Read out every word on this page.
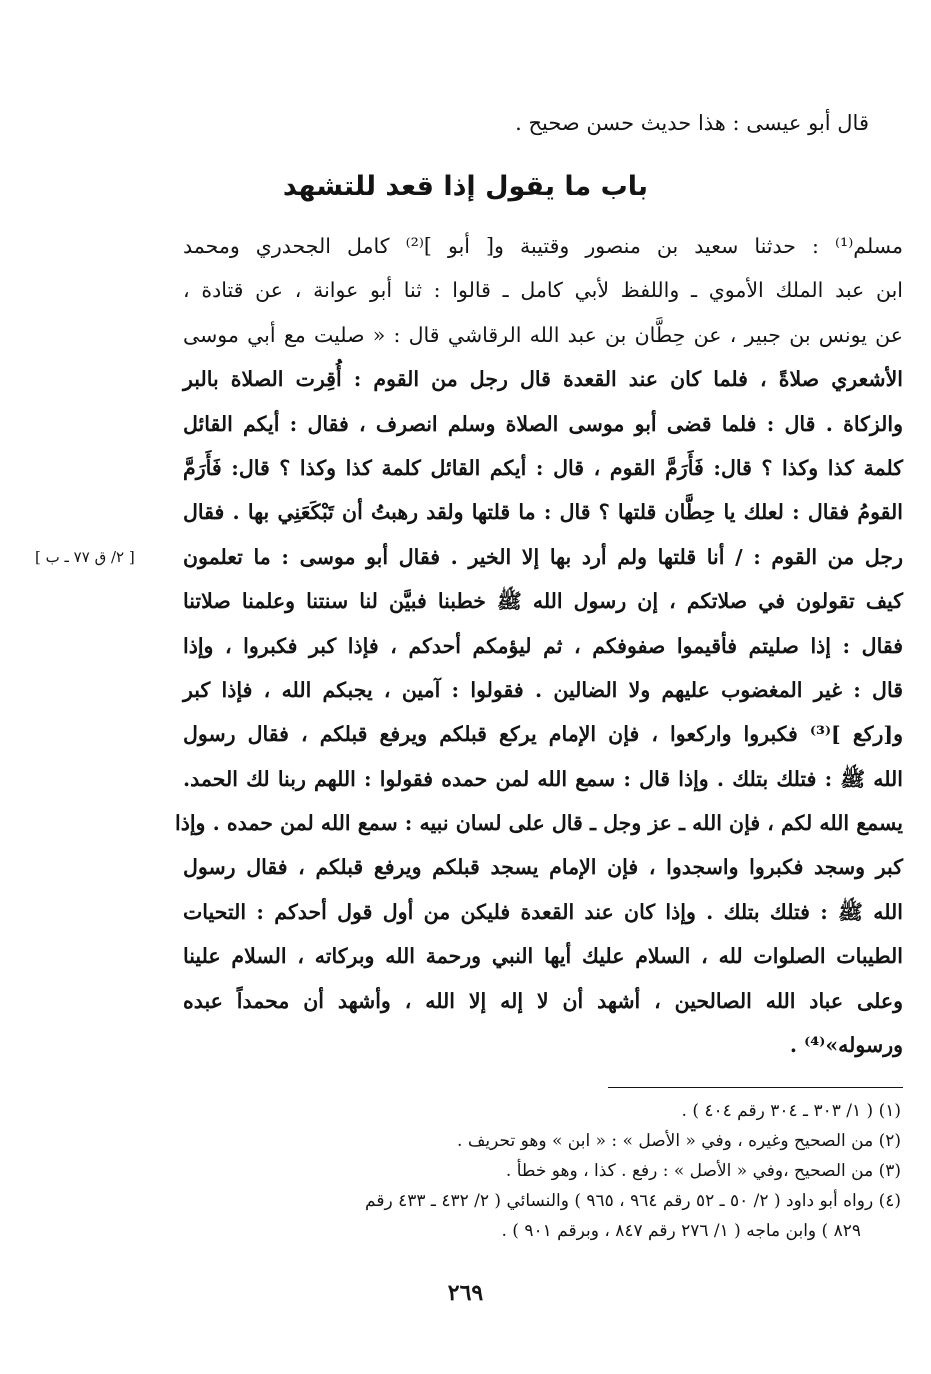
قال أبو عيسى : هذا حديث حسن صحيح .
باب ما يقول إذا قعد للتشهد
[ ٢/ ق ٧٧ ـ ب ]
مسلم⁽¹⁾ : حدثنا سعيد بن منصور وقتيبة و[ أبو ]⁽²⁾ كامل الجحدري ومحمد
ابن عبد الملك الأموي ـ واللفظ لأبي كامل ـ قالوا : ثنا أبو عوانة ، عن قتادة ،
عن يونس بن جبير ، عن حِطَّان بن عبد الله الرقاشي قال : « صليت مع أبي موسى
الأشعري صلاةً ، فلما كان عند القعدة قال رجل من القوم : أُقِرت الصلاة بالبر
والزكاة . قال : فلما قضى أبو موسى الصلاة وسلم انصرف ، فقال : أيكم القائل
كلمة كذا وكذا ؟ قال: فَأَرَمَّ القوم ، قال : أيكم القائل كلمة كذا وكذا ؟ قال: فَأَرَمَّ
القومُ فقال : لعلك يا حِطَّان قلتها ؟ قال : ما قلتها ولقد رهبتُ أن تَبْكَعَنِي بها . فقال
رجل من القوم : / أنا قلتها ولم أرد بها إلا الخير . فقال أبو موسى : ما تعلمون
كيف تقولون في صلاتكم ، إن رسول الله ﷺ خطبنا فبيَّن لنا سنتنا وعلمنا صلاتنا
فقال : إذا صليتم فأقيموا صفوفكم ، ثم ليؤمكم أحدكم ، فإذا كبر فكبروا ، وإذا
قال : غير المغضوب عليهم ولا الضالين . فقولوا : آمين ، يجبكم الله ، فإذا كبر
و[ركع ]⁽³⁾ فكبروا واركعوا ، فإن الإمام يركع قبلكم ويرفع قبلكم ، فقال رسول
الله ﷺ : فتلك بتلك . وإذا قال : سمع الله لمن حمده فقولوا : اللهم ربنا لك الحمد.
يسمع الله لكم ، فإن الله ـ عز وجل ـ قال على لسان نبيه : سمع الله لمن حمده . وإذا
كبر وسجد فكبروا واسجدوا ، فإن الإمام يسجد قبلكم ويرفع قبلكم ، فقال رسول
الله ﷺ : فتلك بتلك . وإذا كان عند القعدة فليكن من أول قول أحدكم : التحيات
الطيبات الصلوات لله ، السلام عليك أيها النبي ورحمة الله وبركاته ، السلام علينا
وعلى عباد الله الصالحين ، أشهد أن لا إله إلا الله ، وأشهد أن محمداً عبده
ورسوله»⁽⁴⁾ .
(١) ( ١/ ٣٠٣ ـ ٣٠٤ رقم ٤٠٤ ) .
(٢) من الصحيح وغيره ، وفي « الأصل » : « ابن » وهو تحريف .
(٣) من الصحيح ،وفي « الأصل » : رفع . كذا ، وهو خطأ .
(٤) رواه أبو داود ( ٢/ ٥٠ ـ ٥٢ رقم ٩٦٤ ، ٩٦٥ ) والنسائي ( ٢/ ٤٣٢ ـ ٤٣٣ رقم
٨٢٩ ) وابن ماجه ( ١/ ٢٧٦ رقم ٨٤٧ ، وبرقم ٩٠١ ) .
٢٦٩
